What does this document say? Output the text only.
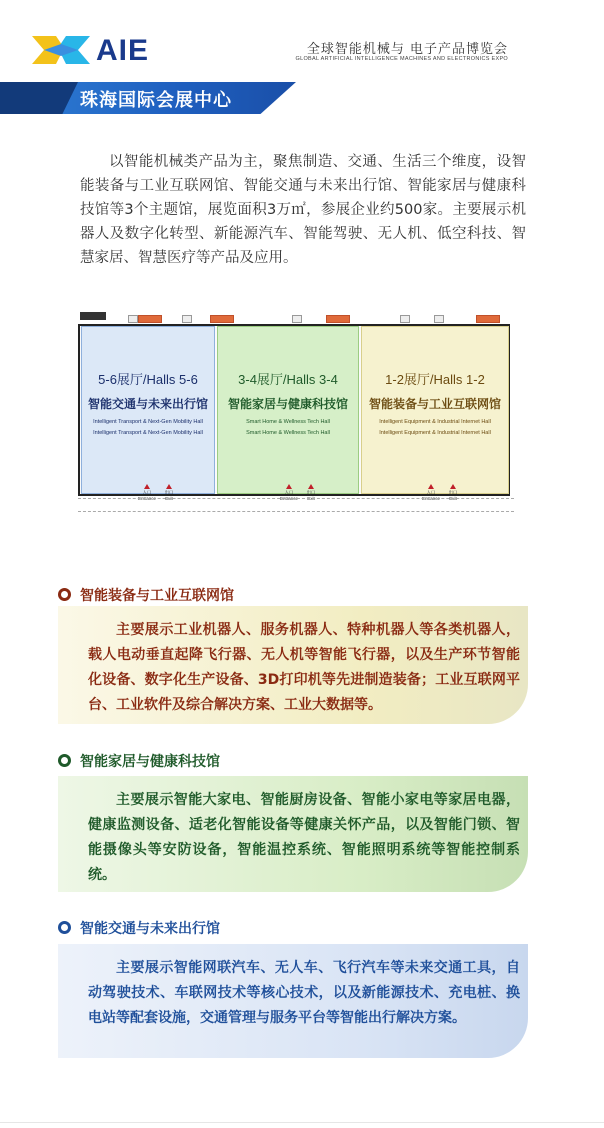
AIE	全球智能机械与 电子产品博览会
GLOBAL ARTIFICIAL INTELLIGENCE MACHINES AND ELECTRONICS EXPO
珠海国际会展中心

以智能机械类产品为主，聚焦制造、交通、生活三个维度，设智能装备与工业互联网馆、智能交通与未来出行馆、智能家居与健康科技馆等3个主题馆，展览面积3万㎡，参展企业约500家。主要展示机器人及数字化转型、新能源汽车、智能驾驶、无人机、低空科技、智慧家居、智慧医疗等产品及应用。

5-6展厅/Halls 5-6
智能交通与未来出行馆
Intelligent Transport & Next-Gen Mobility Hall
Intelligent Transport & Next-Gen Mobility Hall
3-4展厅/Halls 3-4
智能家居与健康科技馆
Smart Home & Wellness Tech Hall
Smart Home & Wellness Tech Hall
1-2展厅/Halls 1-2
智能装备与工业互联网馆
Intelligent Equipment & Industrial Internet Hall
Intelligent Equipment & Industrial Internet Hall
入口
Entrance
出口
Exit
入口
Entrance
出口
Exit
入口
Entrance
出口
Exit
智能装备与工业互联网馆
主要展示工业机器人、服务机器人、特种机器人等各类机器人，载人电动垂直起降飞行器、无人机等智能飞行器，以及生产环节智能化设备、数字化生产设备、3D打印机等先进制造装备；工业互联网平台、工业软件及综合解决方案、工业大数据等。
智能家居与健康科技馆
主要展示智能大家电、智能厨房设备、智能小家电等家居电器，健康监测设备、适老化智能设备等健康关怀产品，以及智能门锁、智能摄像头等安防设备，智能温控系统、智能照明系统等智能控制系统。
智能交通与未来出行馆
主要展示智能网联汽车、无人车、飞行汽车等未来交通工具，自动驾驶技术、车联网技术等核心技术，以及新能源技术、充电桩、换电站等配套设施，交通管理与服务平台等智能出行解决方案。
